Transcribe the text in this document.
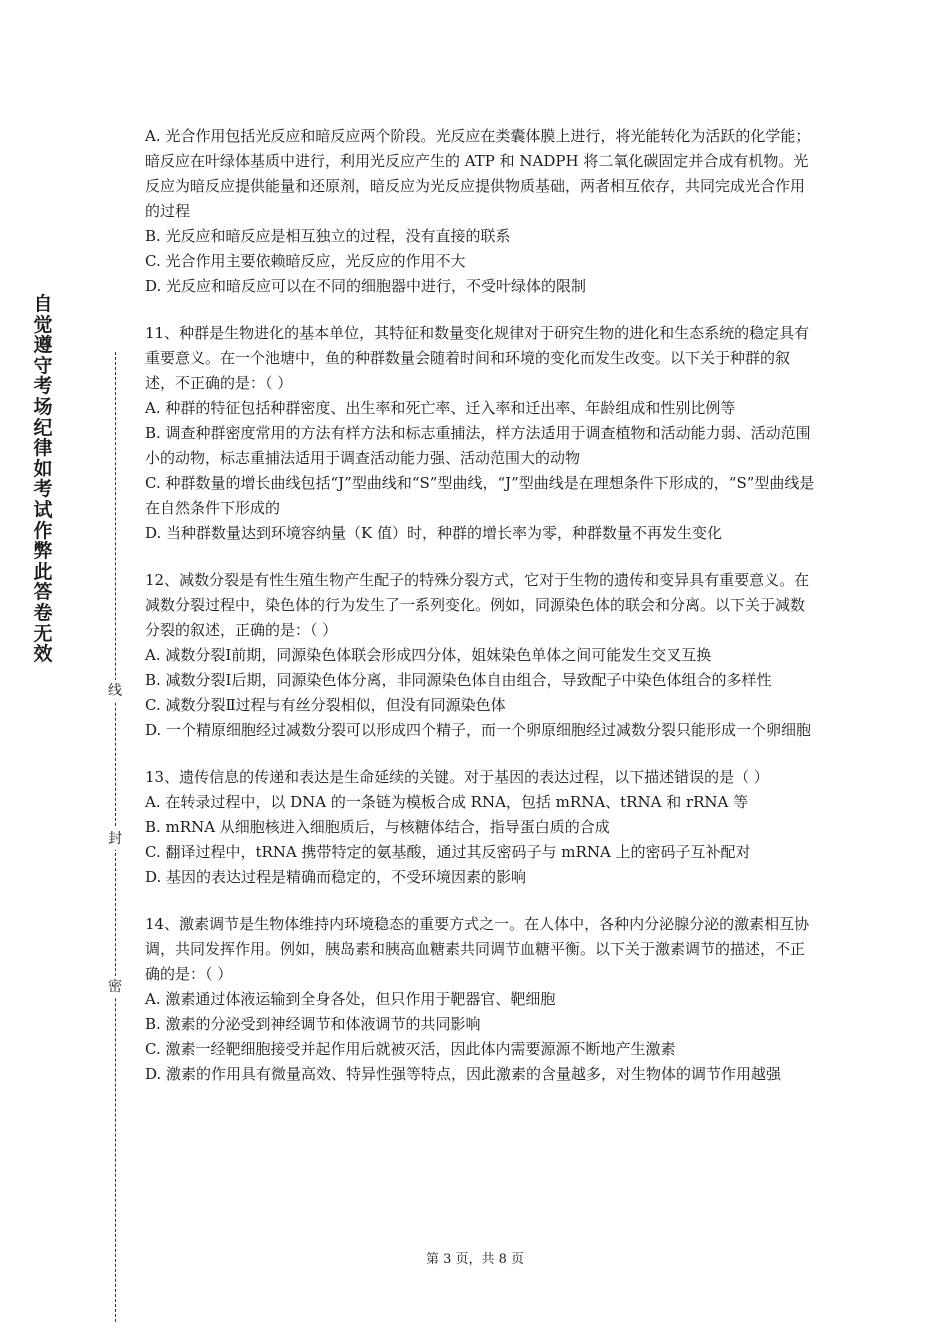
自觉遵守考场纪律如考试作弊此答卷无效
线
封
密

A. 光合作用包括光反应和暗反应两个阶段。光反应在类囊体膜上进行，将光能转化为活跃的化学能；暗反应在叶绿体基质中进行，利用光反应产生的 ATP 和 NADPH 将二氧化碳固定并合成有机物。光反应为暗反应提供能量和还原剂，暗反应为光反应提供物质基础，两者相互依存，共同完成光合作用的过程

B. 光反应和暗反应是相互独立的过程，没有直接的联系

C. 光合作用主要依赖暗反应，光反应的作用不大

D. 光反应和暗反应可以在不同的细胞器中进行，不受叶绿体的限制

11、种群是生物进化的基本单位，其特征和数量变化规律对于研究生物的进化和生态系统的稳定具有重要意义。在一个池塘中，鱼的种群数量会随着时间和环境的变化而发生改变。以下关于种群的叙述，不正确的是：（ ）

A. 种群的特征包括种群密度、出生率和死亡率、迁入率和迁出率、年龄组成和性别比例等

B. 调查种群密度常用的方法有样方法和标志重捕法，样方法适用于调查植物和活动能力弱、活动范围小的动物，标志重捕法适用于调查活动能力强、活动范围大的动物

C. 种群数量的增长曲线包括“J”型曲线和“S”型曲线，“J”型曲线是在理想条件下形成的，“S”型曲线是在自然条件下形成的

D. 当种群数量达到环境容纳量（K 值）时，种群的增长率为零，种群数量不再发生变化

12、减数分裂是有性生殖生物产生配子的特殊分裂方式，它对于生物的遗传和变异具有重要意义。在减数分裂过程中，染色体的行为发生了一系列变化。例如，同源染色体的联会和分离。以下关于减数分裂的叙述，正确的是：（ ）

A. 减数分裂Ⅰ前期，同源染色体联会形成四分体，姐妹染色单体之间可能发生交叉互换

B. 减数分裂Ⅰ后期，同源染色体分离，非同源染色体自由组合，导致配子中染色体组合的多样性

C. 减数分裂Ⅱ过程与有丝分裂相似，但没有同源染色体

D. 一个精原细胞经过减数分裂可以形成四个精子，而一个卵原细胞经过减数分裂只能形成一个卵细胞

13、遗传信息的传递和表达是生命延续的关键。对于基因的表达过程，以下描述错误的是（ ）

A. 在转录过程中，以 DNA 的一条链为模板合成 RNA，包括 mRNA、tRNA 和 rRNA 等

B. mRNA 从细胞核进入细胞质后，与核糖体结合，指导蛋白质的合成

C. 翻译过程中，tRNA 携带特定的氨基酸，通过其反密码子与 mRNA 上的密码子互补配对

D. 基因的表达过程是精确而稳定的，不受环境因素的影响

14、激素调节是生物体维持内环境稳态的重要方式之一。在人体中，各种内分泌腺分泌的激素相互协调，共同发挥作用。例如，胰岛素和胰高血糖素共同调节血糖平衡。以下关于激素调节的描述，不正确的是：（ ）

A. 激素通过体液运输到全身各处，但只作用于靶器官、靶细胞

B. 激素的分泌受到神经调节和体液调节的共同影响

C. 激素一经靶细胞接受并起作用后就被灭活，因此体内需要源源不断地产生激素

D. 激素的作用具有微量高效、特异性强等特点，因此激素的含量越多，对生物体的调节作用越强

第 3 页，共 8 页
